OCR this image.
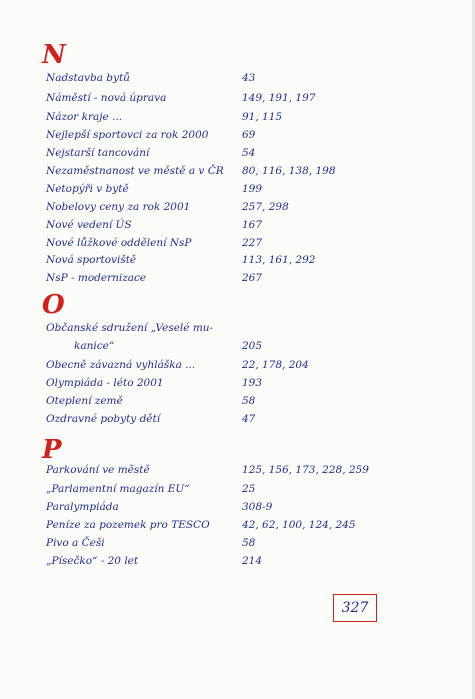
N
Nadstavba bytů	43
Náměstí - nová úprava	149, 191, 197
Názor kraje ...	91, 115
Nejlepší sportovci za rok 2000	69
Nejstarší tancování	54
Nezaměstnanost ve městě a v ČR 80, 116, 138, 198
Netopýři v bytě	199
Nobelovy ceny za rok 2001	257, 298
Nové vedení ÚS	167
Nové lůžkové oddělení NsP	227
Nová sportoviště	113, 161, 292
NsP - modernizace	267
O
Občanské sdružení „Veselé mu-
kanice“	205
Obecně závazná vyhláška ...	22, 178, 204
Olympiáda - léto 2001	193
Oteplení země	58
Ozdravné pobyty dětí	47
P
Parkování ve městě	125, 156, 173, 228, 259
„Parlamentní magazín EU“	25
Paralympiáda	308-9
Peníze za pozemek pro TESCO	42, 62, 100, 124, 245
Pivo a Češi	58
„Písečko“ - 20 let	214
327
